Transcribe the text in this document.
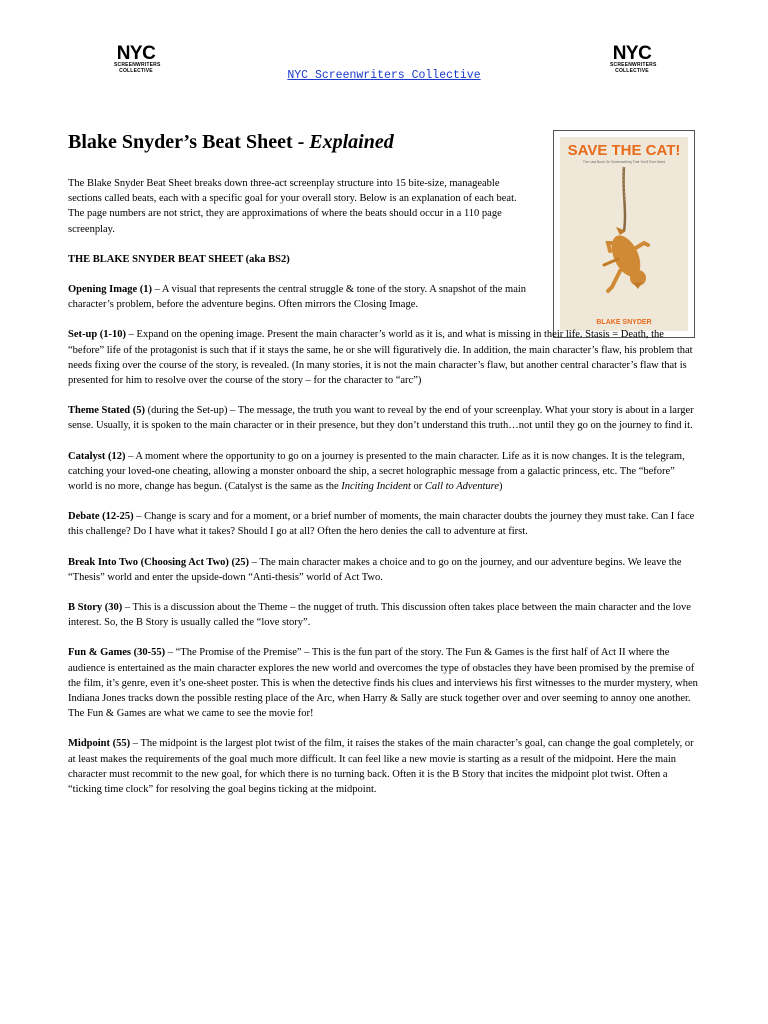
NYC
SCREENWRITERS
COLLECTIVE	NYC Screenwriters Collective
NYC
SCREENWRITERS
COLLECTIVE
Blake Snyder’s Beat Sheet - Explained	SAVE THE CAT!
The Last Book On Screenwriting That You’ll Ever Need
BLAKE SNYDER

The Blake Snyder Beat Sheet breaks down three-act screenplay structure into 15 bite-size, manageable sections called beats, each with a specific goal for your overall story. Below is an explanation of each beat. The page numbers are not strict, they are approximations of where the beats should occur in a 110 page screenplay.

THE BLAKE SNYDER BEAT SHEET (aka BS2)

Opening Image (1) – A visual that represents the central struggle & tone of the story. A snapshot of the main character’s problem, before the adventure begins. Often mirrors the Closing Image.

Set-up (1-10) – Expand on the opening image. Present the main character’s world as it is, and what is missing in their life. Stasis = Death, the “before” life of the protagonist is such that if it stays the same, he or she will figuratively die. In addition, the main character’s flaw, his problem that needs fixing over the course of the story, is revealed. (In many stories, it is not the main character’s flaw, but another central character’s flaw that is presented for him to resolve over the course of the story – for the character to “arc”)

Theme Stated (5) (during the Set-up) – The message, the truth you want to reveal by the end of your screenplay. What your story is about in a larger sense. Usually, it is spoken to the main character or in their presence, but they don’t understand this truth…not until they go on the journey to find it.

Catalyst (12) – A moment where the opportunity to go on a journey is presented to the main character. Life as it is now changes. It is the telegram, catching your loved-one cheating, allowing a monster onboard the ship, a secret holographic message from a galactic princess, etc. The “before” world is no more, change has begun. (Catalyst is the same as the Inciting Incident or Call to Adventure)

Debate (12-25) – Change is scary and for a moment, or a brief number of moments, the main character doubts the journey they must take. Can I face this challenge? Do I have what it takes? Should I go at all? Often the hero denies the call to adventure at first.

Break Into Two (Choosing Act Two) (25) – The main character makes a choice and to go on the journey, and our adventure begins. We leave the “Thesis” world and enter the upside-down “Anti-thesis” world of Act Two.

B Story (30) – This is a discussion about the Theme – the nugget of truth. This discussion often takes place between the main character and the love interest. So, the B Story is usually called the “love story”.

Fun & Games (30-55) – “The Promise of the Premise” – This is the fun part of the story. The Fun & Games is the first half of Act II where the audience is entertained as the main character explores the new world and overcomes the type of obstacles they have been promised by the premise of the film, it’s genre, even it’s one-sheet poster. This is when the detective finds his clues and interviews his first witnesses to the murder mystery, when Indiana Jones tracks down the possible resting place of the Arc, when Harry & Sally are stuck together over and over seeming to annoy one another. The Fun & Games are what we came to see the movie for!

Midpoint (55) – The midpoint is the largest plot twist of the film, it raises the stakes of the main character’s goal, can change the goal completely, or at least makes the requirements of the goal much more difficult. It can feel like a new movie is starting as a result of the midpoint. Here the main character must recommit to the new goal, for which there is no turning back. Often it is the B Story that incites the midpoint plot twist. Often a “ticking time clock” for resolving the goal begins ticking at the midpoint.
